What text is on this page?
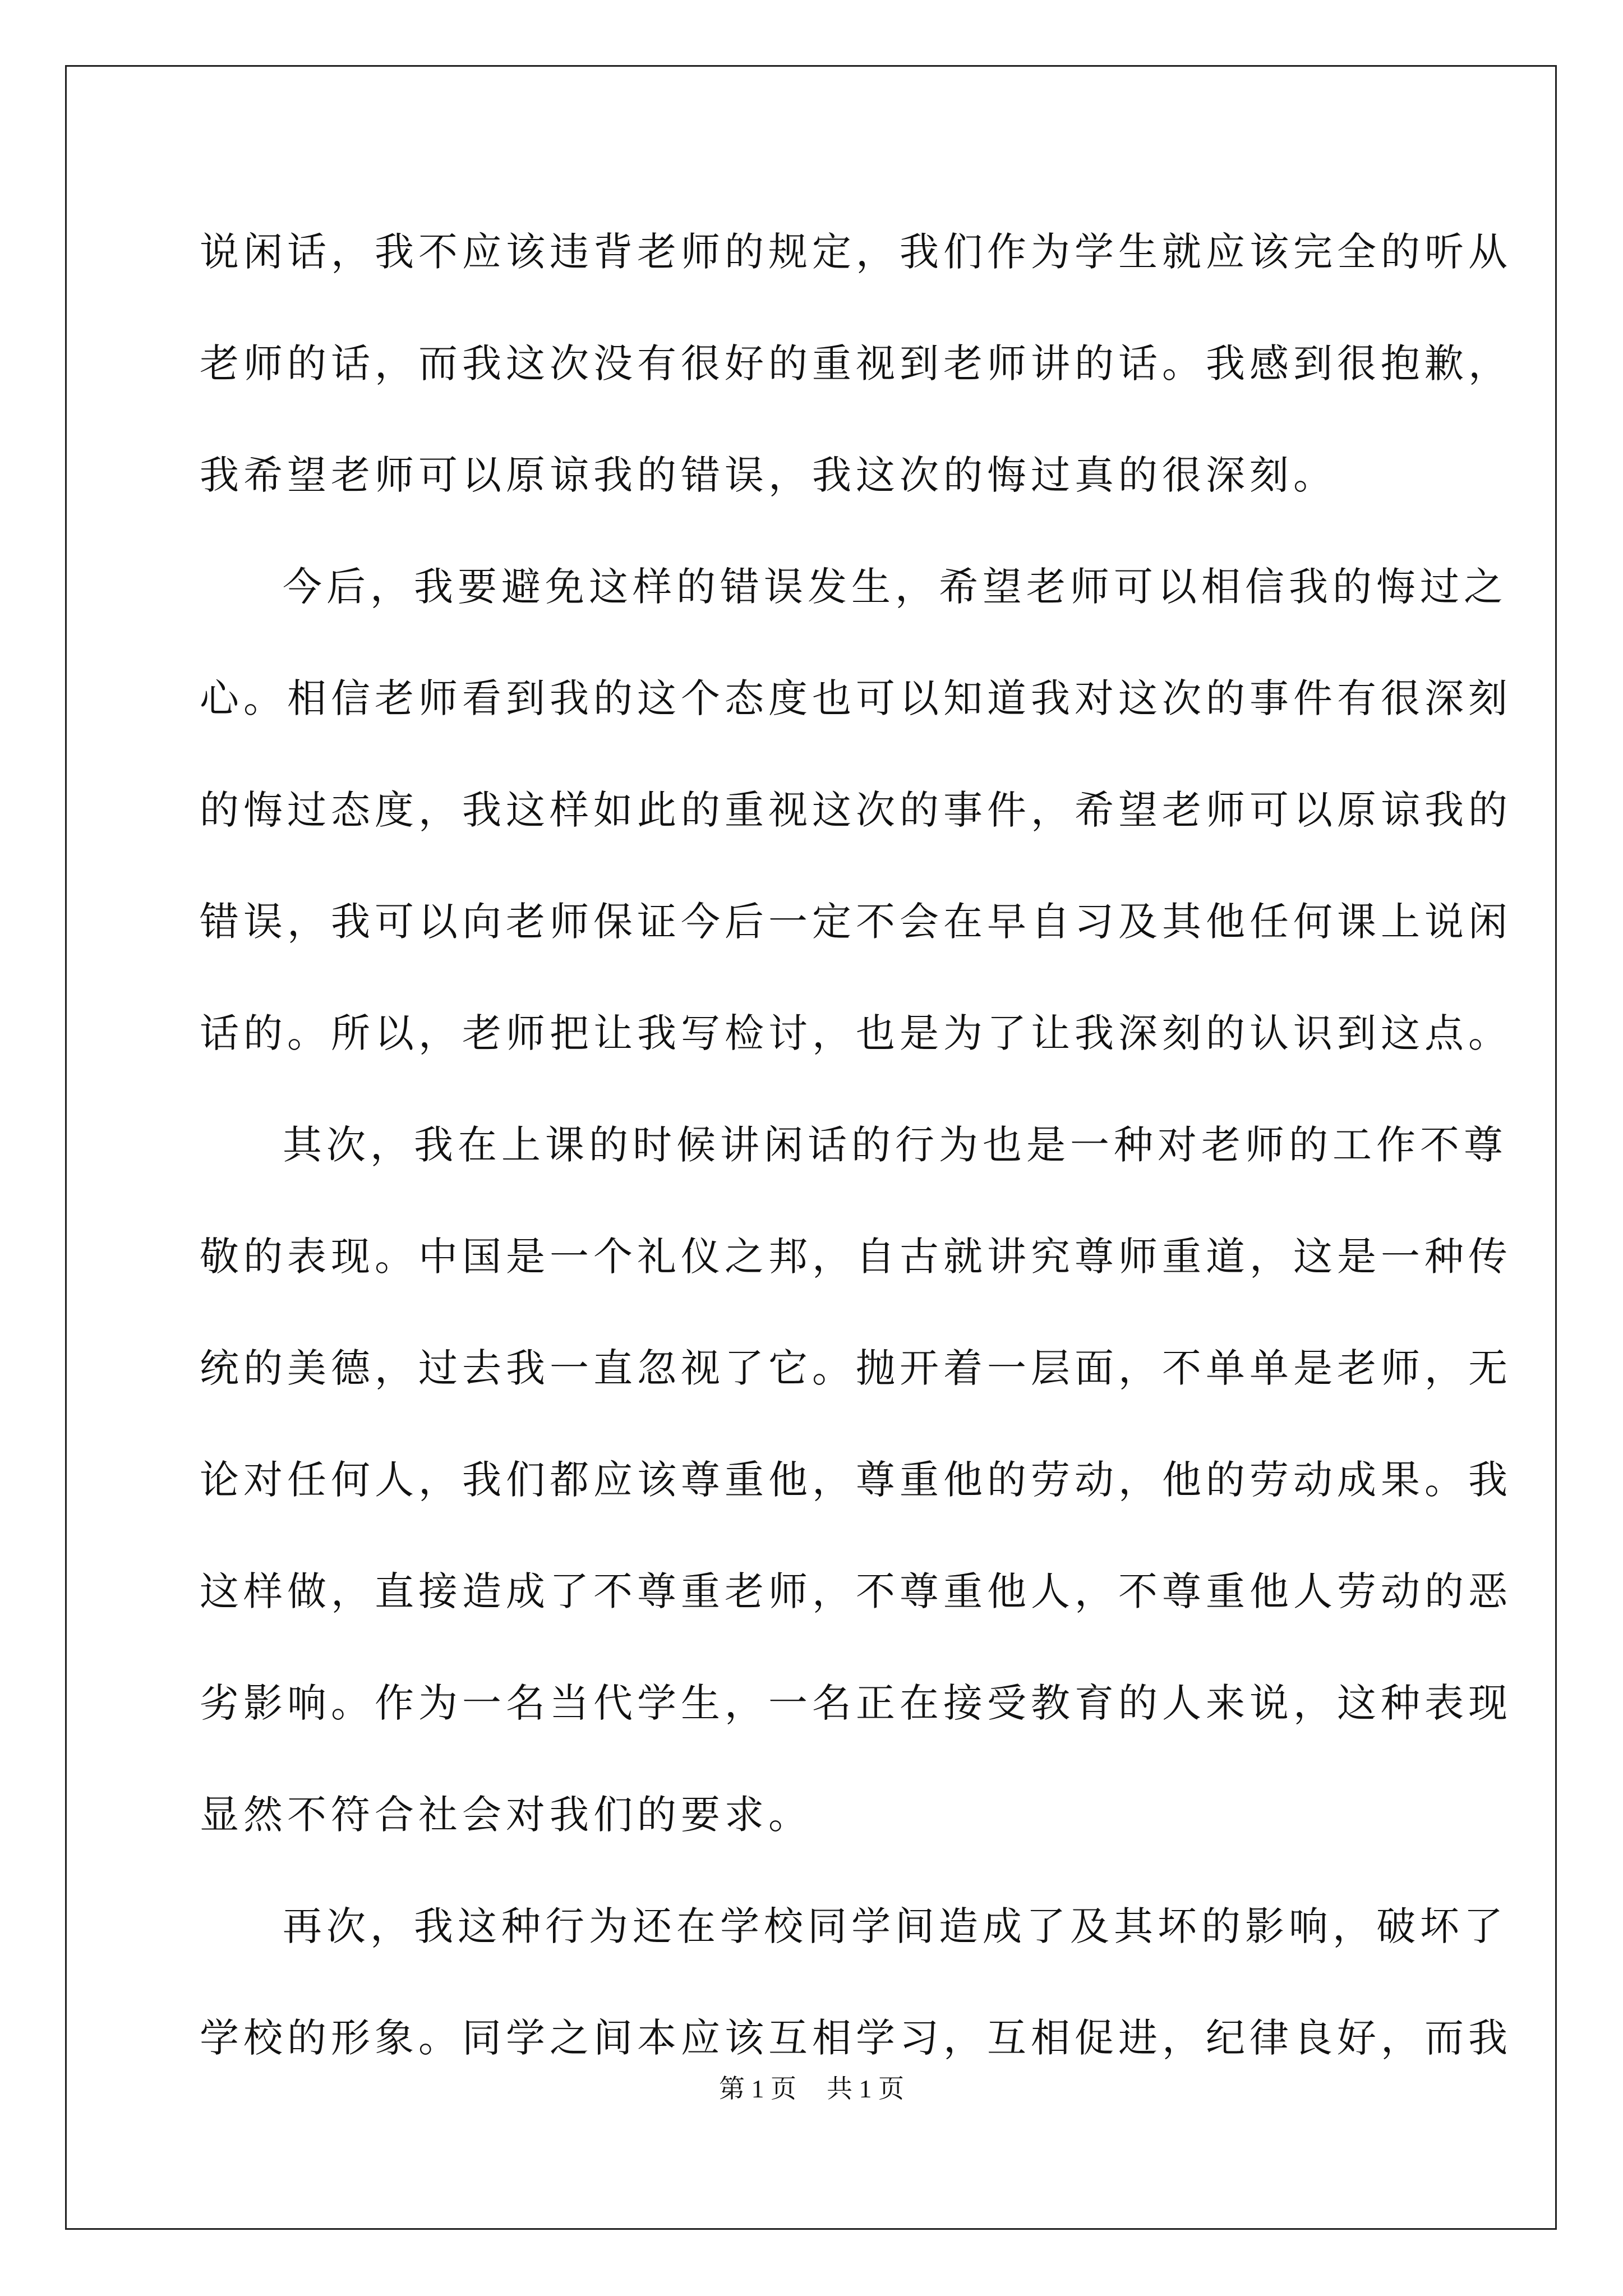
说闲话，我不应该违背老师的规定，我们作为学生就应该完全的听从
老师的话，而我这次没有很好的重视到老师讲的话。我感到很抱歉，
我希望老师可以原谅我的错误，我这次的悔过真的很深刻。
今后，我要避免这样的错误发生，希望老师可以相信我的悔过之
心。相信老师看到我的这个态度也可以知道我对这次的事件有很深刻
的悔过态度，我这样如此的重视这次的事件，希望老师可以原谅我的
错误，我可以向老师保证今后一定不会在早自习及其他任何课上说闲
话的。所以，老师把让我写检讨，也是为了让我深刻的认识到这点。
其次，我在上课的时候讲闲话的行为也是一种对老师的工作不尊
敬的表现。中国是一个礼仪之邦，自古就讲究尊师重道，这是一种传
统的美德，过去我一直忽视了它。抛开着一层面，不单单是老师，无
论对任何人，我们都应该尊重他，尊重他的劳动，他的劳动成果。我
这样做，直接造成了不尊重老师，不尊重他人，不尊重他人劳动的恶
劣影响。作为一名当代学生，一名正在接受教育的人来说，这种表现
显然不符合社会对我们的要求。
再次，我这种行为还在学校同学间造成了及其坏的影响，破坏了
学校的形象。同学之间本应该互相学习，互相促进，纪律良好，而我
第 1 页 共 1 页
